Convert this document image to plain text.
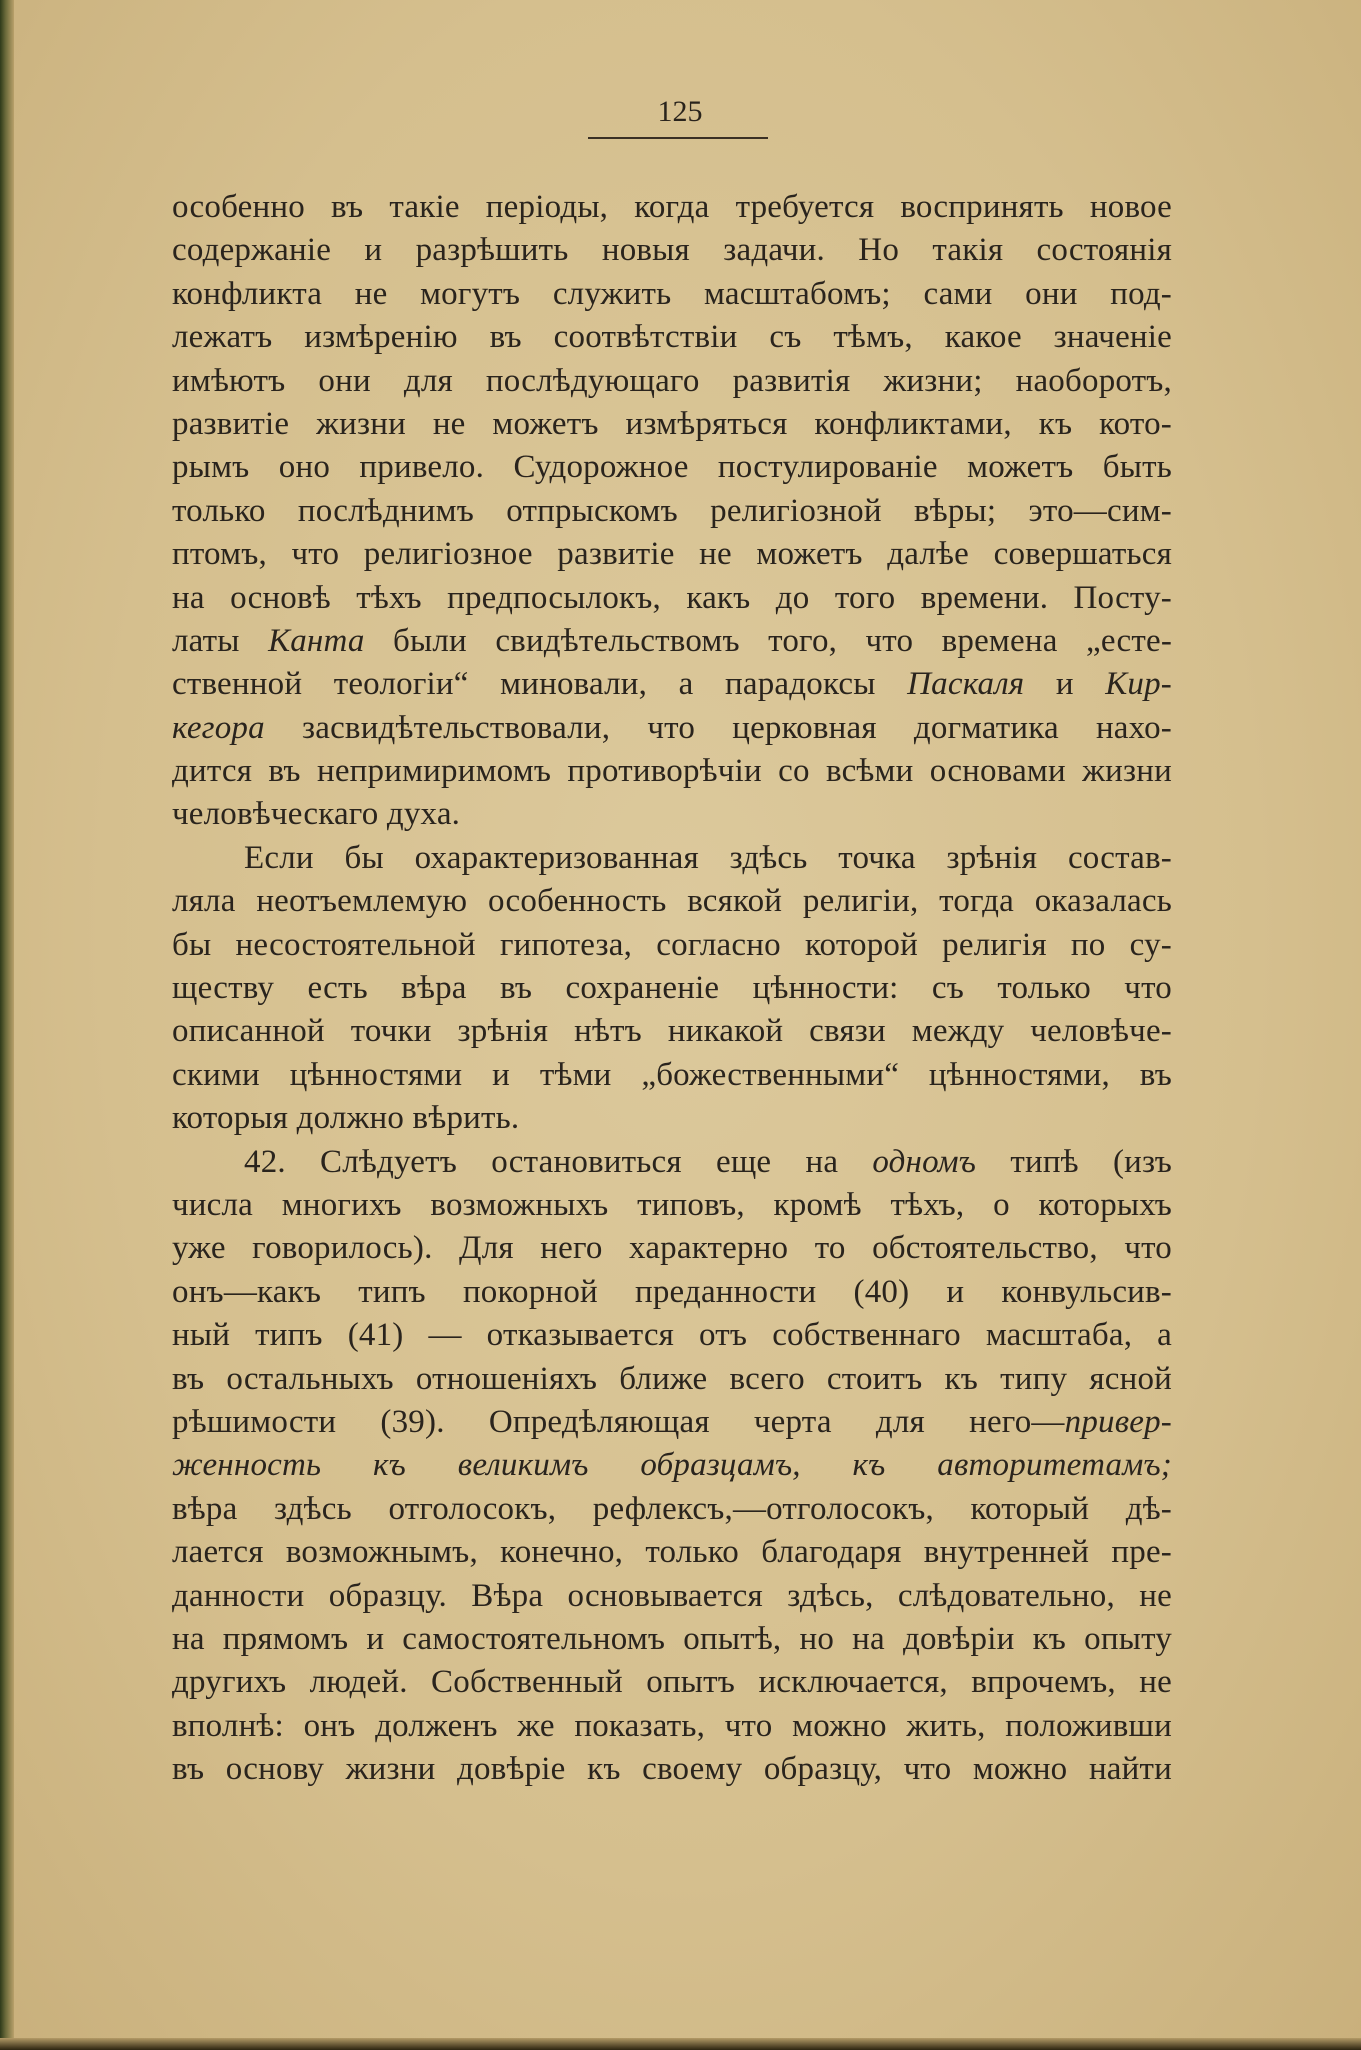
125
особенно въ такіе періоды, когда требуется воспринять новое
содержаніе и разрѣшить новыя задачи. Но такія состоянія
конфликта не могутъ служить масштабомъ; сами они под-
лежатъ измѣренію въ соотвѣтствіи съ тѣмъ, какое значеніе
имѣютъ они для послѣдующаго развитія жизни; наоборотъ,
развитіе жизни не можетъ измѣряться конфликтами, къ кото-
рымъ оно привело. Судорожное постулированіе можетъ быть
только послѣднимъ отпрыскомъ религіозной вѣры; это—сим-
птомъ, что религіозное развитіе не можетъ далѣе совершаться
на основѣ тѣхъ предпосылокъ, какъ до того времени. Посту-
латы Канта были свидѣтельствомъ того, что времена „есте-
ственной теологіи“ миновали, а парадоксы Паскаля и Кир-
кегора засвидѣтельствовали, что церковная догматика нахо-
дится въ непримиримомъ противорѣчіи со всѣми основами жизни
человѣческаго духа.
Если бы охарактеризованная здѣсь точка зрѣнія состав-
ляла неотъемлемую особенность всякой религіи, тогда оказалась
бы несостоятельной гипотеза, согласно которой религія по су-
ществу есть вѣра въ сохраненіе цѣнности: съ только что
описанной точки зрѣнія нѣтъ никакой связи между человѣче-
скими цѣнностями и тѣми „божественными“ цѣнностями, въ
которыя должно вѣрить.
42. Слѣдуетъ остановиться еще на одномъ типѣ (изъ
числа многихъ возможныхъ типовъ, кромѣ тѣхъ, о которыхъ
уже говорилось). Для него характерно то обстоятельство, что
онъ—какъ типъ покорной преданности (40) и конвульсив-
ный типъ (41) — отказывается отъ собственнаго масштаба, а
въ остальныхъ отношеніяхъ ближе всего стоитъ къ типу ясной
рѣшимости (39). Опредѣляющая черта для него—привер-
женность къ великимъ образцамъ, къ авторитетамъ;
вѣра здѣсь отголосокъ, рефлексъ,—отголосокъ, который дѣ-
лается возможнымъ, конечно, только благодаря внутренней пре-
данности образцу. Вѣра основывается здѣсь, слѣдовательно, не
на прямомъ и самостоятельномъ опытѣ, но на довѣріи къ опыту
другихъ людей. Собственный опытъ исключается, впрочемъ, не
вполнѣ: онъ долженъ же показать, что можно жить, положивши
въ основу жизни довѣріе къ своему образцу, что можно найти
